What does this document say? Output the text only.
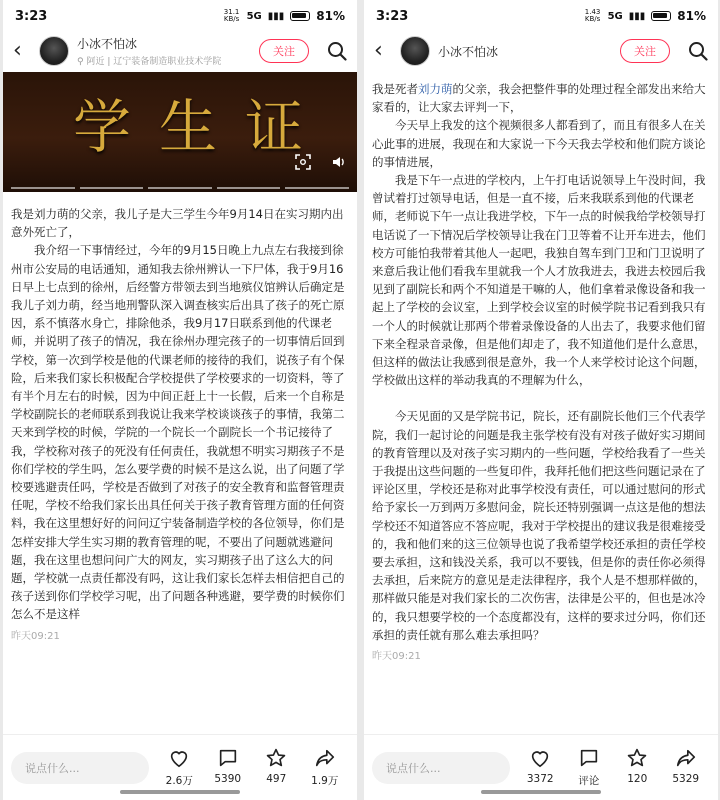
3:23	31.1 KB/s 5G ▮▮▮	81%
‹	小冰不怕冰
⚲ 阿近 | 辽宁装备制造职业技术学院
关注
学生证

我是刘力萌的父亲，我儿子是大三学生今年9月14日在实习期内出意外死亡了，

我介绍一下事情经过，今年的9月15日晚上九点左右我接到徐州市公安局的电话通知，通知我去徐州辨认一下尸体，我于9月16日早上七点到的徐州，后经警方带领去到当地殡仪馆辨认后确定是我儿子刘力萌，经当地刑警队深入调查核实后出具了孩子的死亡原因，系不慎落水身亡，排除他杀，我9月17日联系到他的代课老师，并说明了孩子的情况，我在徐州办理完孩子的一切事情后回到学校，第一次到学校是他的代课老师的接待的我们，说孩子有个保险，后来我们家长积极配合学校提供了学校要求的一切资料，等了有半个月左右的时候，因为中间正赶上十一长假，后来一个自称是学校副院长的老师联系到我说让我来学校谈谈孩子的事情，我第二天来到学校的时候，学院的一个院长一个副院长一个书记接待了我，学校称对孩子的死没有任何责任，我就想不明实习期孩子不是你们学校的学生吗，怎么要学费的时候不是这么说，出了问题了学校要逃避责任吗，学校是否做到了对孩子的安全教育和监督管理责任呢，学校不给我们家长出具任何关于孩子教育管理方面的任何资料，我在这里想好好的问问辽宁装备制造学校的各位领导，你们是怎样安排大学生实习期的教育管理的呢，不要出了问题就逃避问题，我在这里也想问问广大的网友，实习期孩子出了这么大的问题，学校就一点责任都没有吗，这让我们家长怎样去相信把自己的孩子送到你们学校学习呢，出了问题各种逃避，要学费的时候你们怎么不是这样

昨天09:21
说点什么...
2.6万 5390 497 1.9万
3:23	1.43 KB/s 5G ▮▮▮	81%
‹	小冰不怕冰	关注

我是死者刘力萌的父亲，我会把整件事的处理过程全部发出来给大家看的，让大家去评判一下，

今天早上我发的这个视频很多人都看到了，而且有很多人在关心此事的进展，我现在和大家说一下今天我去学校和他们院方谈论的事情进展，

我是下午一点进的学校内，上午打电话说领导上午没时间，我曾试着打过领导电话，但是一直不接，后来我联系到他的代课老师，老师说下午一点让我进学校，下午一点的时候我给学校领导打电话说了一下情况后学校领导让我在门卫等着不让开车进去，他们校方可能怕我带着其他人一起吧，我独自驾车到门卫和门卫说明了来意后我让他们看我车里就我一个人才放我进去，我进去校园后我见到了副院长和两个不知道是干嘛的人，他们拿着录像设备和我一起上了学校的会议室，上到学校会议室的时候学院书记看到我只有一个人的时候就让那两个带着录像设备的人出去了，我要求他们留下来全程录音录像，但是他们却走了，我不知道他们是什么意思，但这样的做法让我感到很是意外，我一个人来学校讨论这个问题，学校做出这样的举动我真的不理解为什么，

今天见面的又是学院书记，院长，还有副院长他们三个代表学院，我们一起讨论的问题是我主张学校有没有对孩子做好实习期间的教育管理以及对孩子实习期内的一些问题，学校给我看了一些关于我提出这些问题的一些复印件，我拜托他们把这些问题记录在了评论区里，学校还是称对此事学校没有责任，可以通过慰问的形式给予家长一万到两万多慰问金，院长还特别强调一点这是他的想法学校还不知道答应不答应呢，我对于学校提出的建议我是很难接受的，我和他们来的这三位领导也说了我希望学校还承担的责任学校要去承担，这和钱没关系，我可以不要钱，但是你的责任你必须得去承担，后来院方的意见是走法律程序，我个人是不想那样做的，那样做只能是对我们家长的二次伤害，法律是公平的，但也是冰冷的，我只想要学校的一个态度都没有，这样的要求过分吗，你们还承担的责任就有那么难去承担吗？

昨天09:21
说点什么...
3372 评论	120 5329
